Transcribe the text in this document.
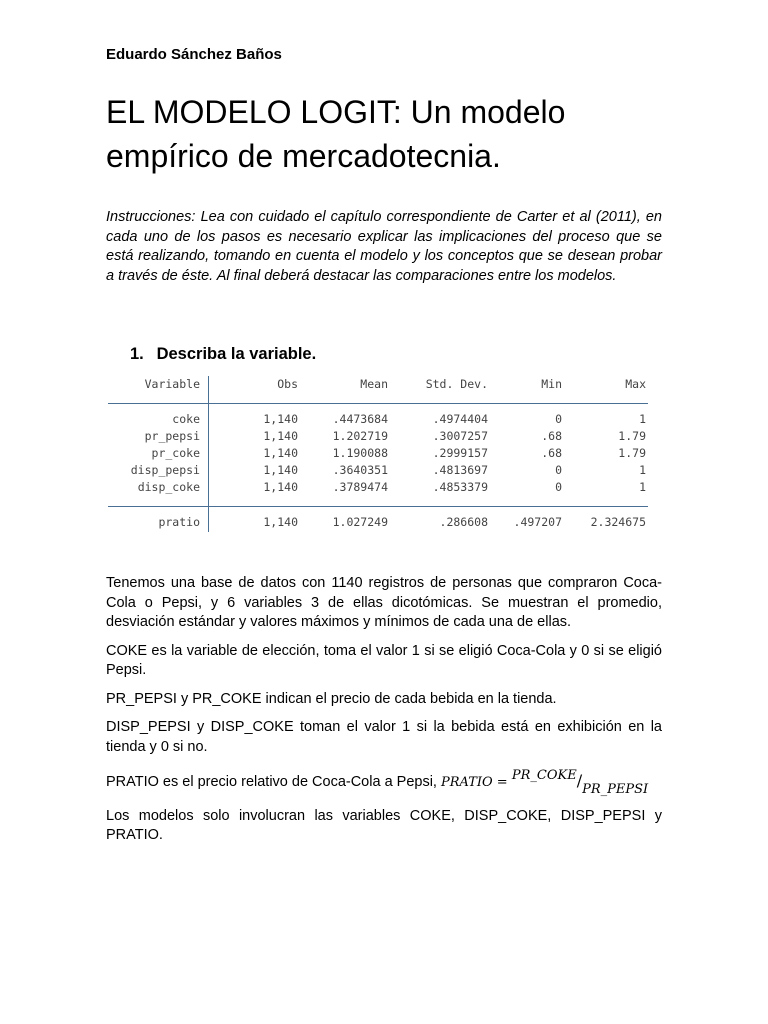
Eduardo Sánchez Baños
EL MODELO LOGIT: Un modelo empírico de mercadotecnia.
Instrucciones: Lea con cuidado el capítulo correspondiente de Carter et al (2011), en cada uno de los pasos es necesario explicar las implicaciones del proceso que se está realizando, tomando en cuenta el modelo y los conceptos que se desean probar a través de éste. Al final deberá destacar las comparaciones entre los modelos.
1. Describa la variable.
Variable	Obs	Mean	Std. Dev.	Min	Max
coke	1,140	.4473684	.4974404	0	1
pr_pepsi	1,140	1.202719	.3007257	.68	1.79
pr_coke	1,140	1.190088	.2999157	.68	1.79
disp_pepsi	1,140	.3640351	.4813697	0	1
disp_coke	1,140	.3789474	.4853379	0	1
pratio	1,140	1.027249	.286608	.497207	2.324675

Tenemos una base de datos con 1140 registros de personas que compraron Coca-Cola o Pepsi, y 6 variables 3 de ellas dicotómicas. Se muestran el promedio, desviación estándar y valores máximos y mínimos de cada una de ellas.

COKE es la variable de elección, toma el valor 1 si se eligió Coca-Cola y 0 si se eligió Pepsi.

PR_PEPSI y PR_COKE indican el precio de cada bebida en la tienda.

DISP_PEPSI y DISP_COKE toman el valor 1 si la bebida está en exhibición en la tienda y 0 si no.

PRATIO es el precio relativo de Coca-Cola a Pepsi, PRATIO = PR_COKE/PR_PEPSI

Los modelos solo involucran las variables COKE, DISP_COKE, DISP_PEPSI y PRATIO.
